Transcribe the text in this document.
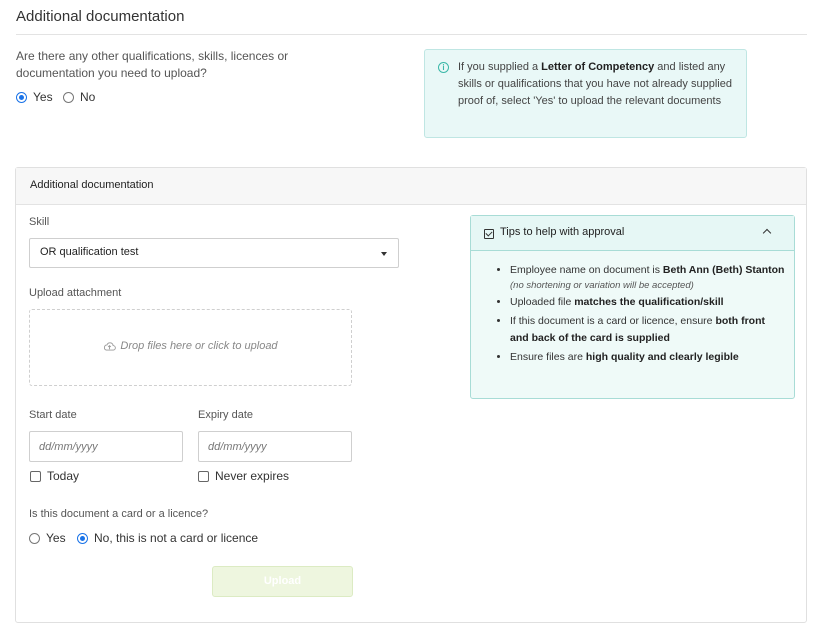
Additional documentation
Are there any other qualifications, skills, licences or documentation you need to upload?
Yes No
i	If you supplied a Letter of Competency and listed any skills or qualifications that you have not already supplied proof of, select 'Yes' to upload the relevant documents
Additional documentation
Skill
OR qualification test
Upload attachment
Drop files here or click to upload
Start date
dd/mm/yyyy
Today
Expiry date
dd/mm/yyyy
Never expires
Is this document a card or a licence?
Yes No, this is not a card or licence
Upload
Tips to help with approval
• Employee name on document is Beth Ann (Beth) Stanton
(no shortening or variation will be accepted)
• Uploaded file matches the qualification/skill
• If this document is a card or licence, ensure both front and back of the card is supplied
• Ensure files are high quality and clearly legible
